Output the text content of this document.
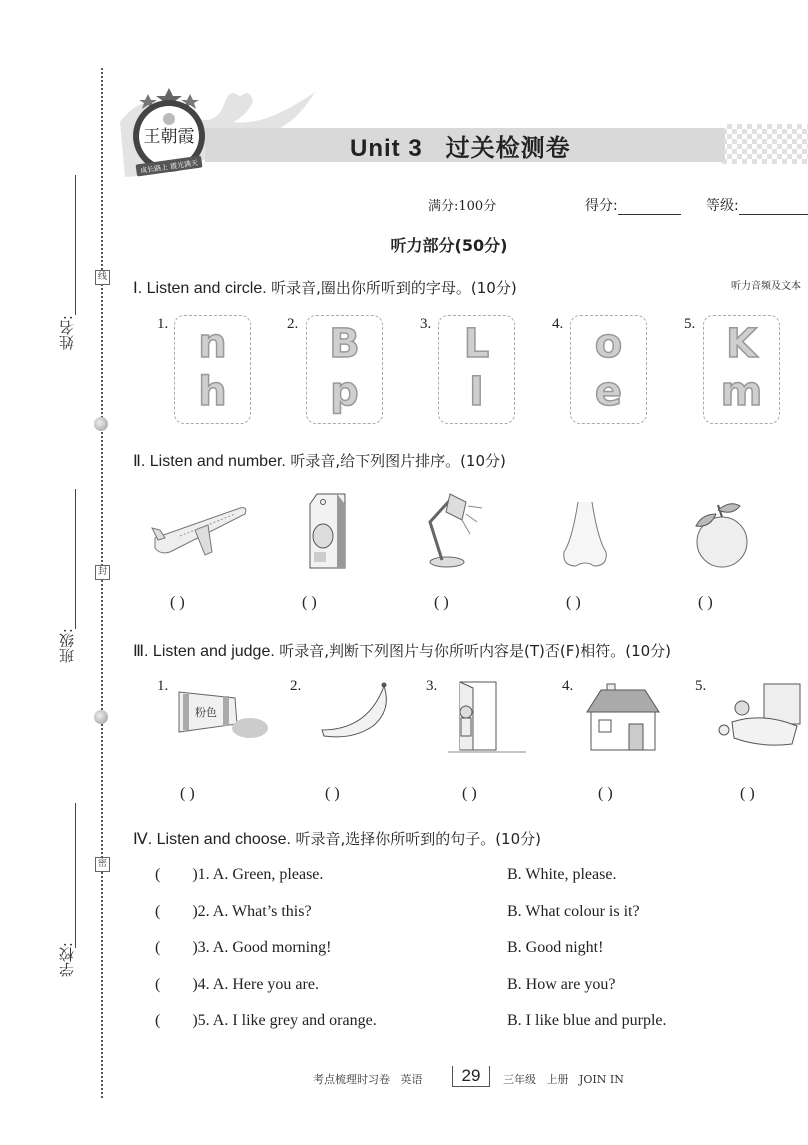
线
封
密
姓名:
班级:
学校:
王朝霞
成长路上 霞光满天
Unit 3   过关检测卷
满分:100分	得分:	等级:
听力部分(50分)
Ⅰ. Listen and circle. 听录音,圈出你所听到的字母。(10分)	听力音频及文本
1. n
h
2. B
p
3. L
I
4. o
e
5. K
m
Ⅱ. Listen and number. 听录音,给下列图片排序。(10分)
( )	( )	( )	( )	( )
Ⅲ. Listen and judge. 听录音,判断下列图片与你所听内容是(T)否(F)相符。(10分)
1.
粉色
2.	3.	4.	5.
( )	( )	( )	( )	( )
Ⅳ. Listen and choose. 听录音,选择你所听到的句子。(10分)
(        )1. A. Green, please.	B. White, please.
(        )2. A. What’s this?	B. What colour is it?
(        )3. A. Good morning!	B. Good night!
(        )4. A. Here you are.	B. How are you?
(        )5. A. I like grey and orange.	B. I like blue and purple.
考点梳理时习卷   英语	29	三年级   上册   JOIN IN
